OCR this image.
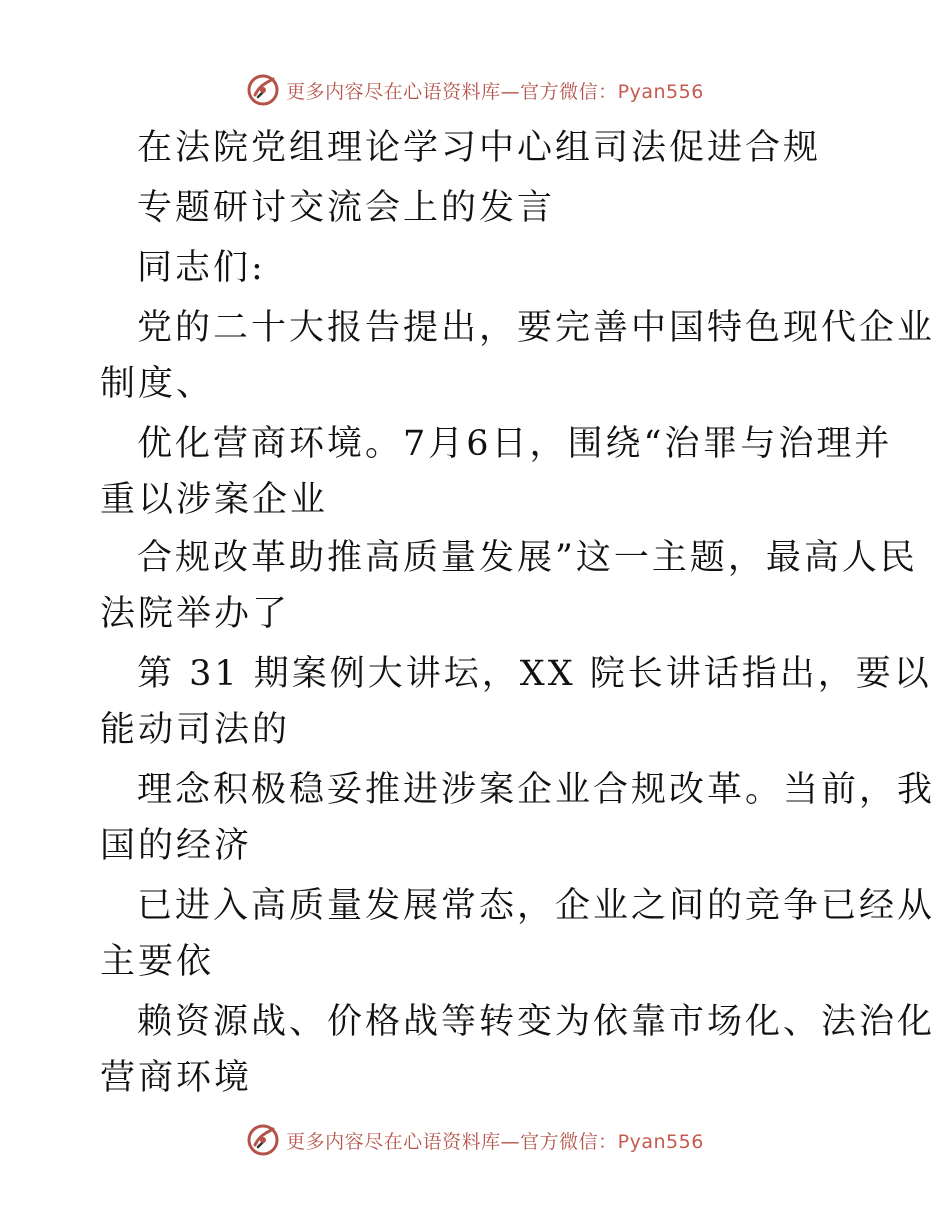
更多内容尽在心语资料库—官方微信：Pyan556
在法院党组理论学习中心组司法促进合规
专题研讨交流会上的发言
同志们:
党的二十大报告提出，要完善中国特色现代企业
制度、
优化营商环境。7月6日，围绕“治罪与治理并
重以涉案企业
合规改革助推高质量发展”这一主题，最高人民
法院举办了
第 31 期案例大讲坛，XX 院长讲话指出，要以
能动司法的
理念积极稳妥推进涉案企业合规改革。当前，我
国的经济
已进入高质量发展常态，企业之间的竞争已经从
主要依
赖资源战、价格战等转变为依靠市场化、法治化
营商环境
更多内容尽在心语资料库—官方微信：Pyan556
